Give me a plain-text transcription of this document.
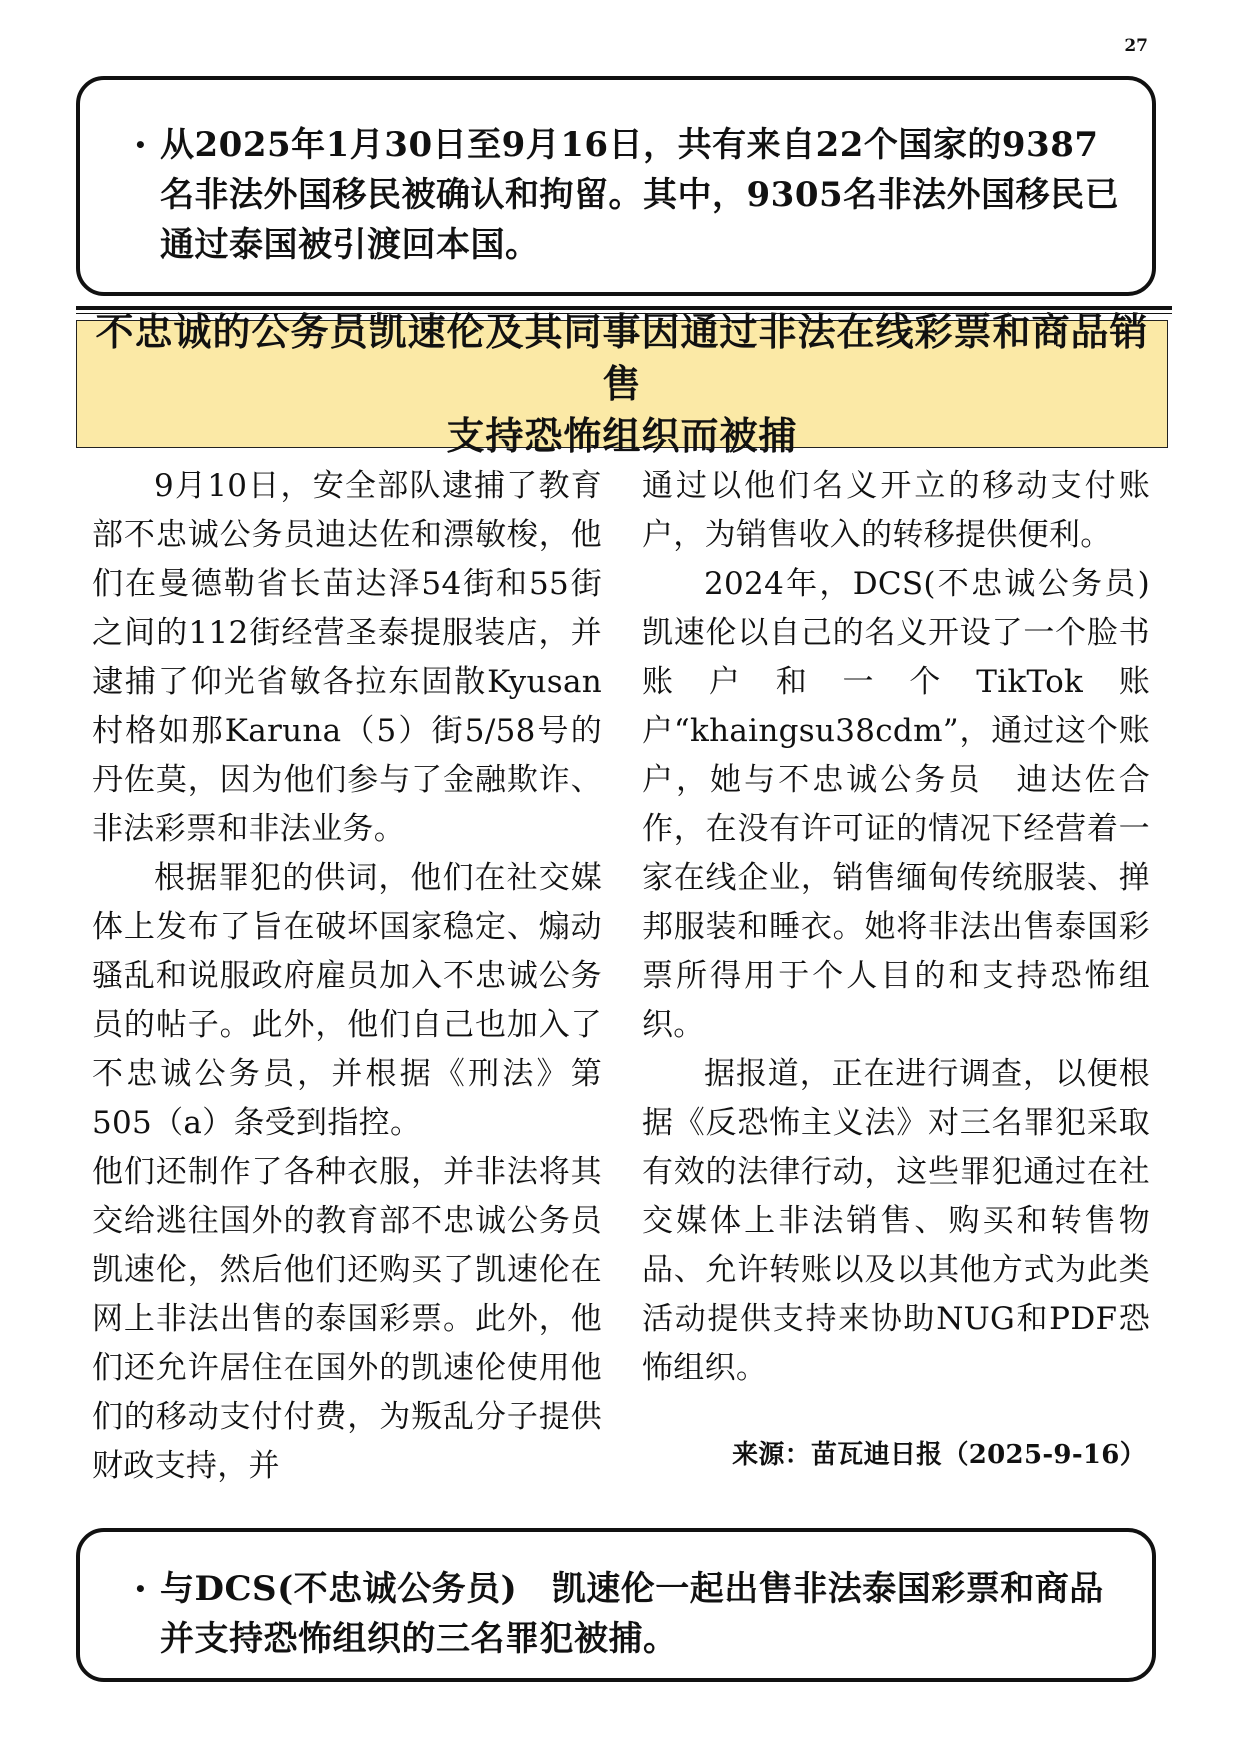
27
• 从2025年1月30日至9月16日，共有来自22个国家的9387名非法外国移民被确认和拘留。其中，9305名非法外国移民已通过泰国被引渡回本国。
不忠诚的公务员凯速伦及其同事因通过非法在线彩票和商品销售
支持恐怖组织而被捕

9月10日，安全部队逮捕了教育部不忠诚公务员迪达佐和漂敏梭，他们在曼德勒省长苗达泽54街和55街之间的112街经营圣泰提服装店，并逮捕了仰光省敏各拉东固散Kyusan村格如那Karuna（5）街5/58号的丹佐莫，因为他们参与了金融欺诈、非法彩票和非法业务。

根据罪犯的供词，他们在社交媒体上发布了旨在破坏国家稳定、煽动骚乱和说服政府雇员加入不忠诚公务员的帖子。此外，他们自己也加入了不忠诚公务员，并根据《刑法》第505（a）条受到指控。

他们还制作了各种衣服，并非法将其交给逃往国外的教育部不忠诚公务员　凯速伦，然后他们还购买了凯速伦在网上非法出售的泰国彩票。此外，他们还允许居住在国外的凯速伦使用他们的移动支付付费，为叛乱分子提供财政支持，并

通过以他们名义开立的移动支付账户，为销售收入的转移提供便利。

2024年，DCS(不忠诚公务员)凯速伦以自己的名义开设了一个脸书账户和一个TikTok账户“khaingsu38cdm”，通过这个账户，她与不忠诚公务员　迪达佐合作，在没有许可证的情况下经营着一家在线企业，销售缅甸传统服装、掸邦服装和睡衣。她将非法出售泰国彩票所得用于个人目的和支持恐怖组织。

据报道，正在进行调查，以便根据《反恐怖主义法》对三名罪犯采取有效的法律行动，这些罪犯通过在社交媒体上非法销售、购买和转售物品、允许转账以及以其他方式为此类活动提供支持来协助NUG和PDF恐怖组织。

来源：苗瓦迪日报（2025-9-16）

• 与DCS(不忠诚公务员)　凯速伦一起出售非法泰国彩票和商品并支持恐怖组织的三名罪犯被捕。
